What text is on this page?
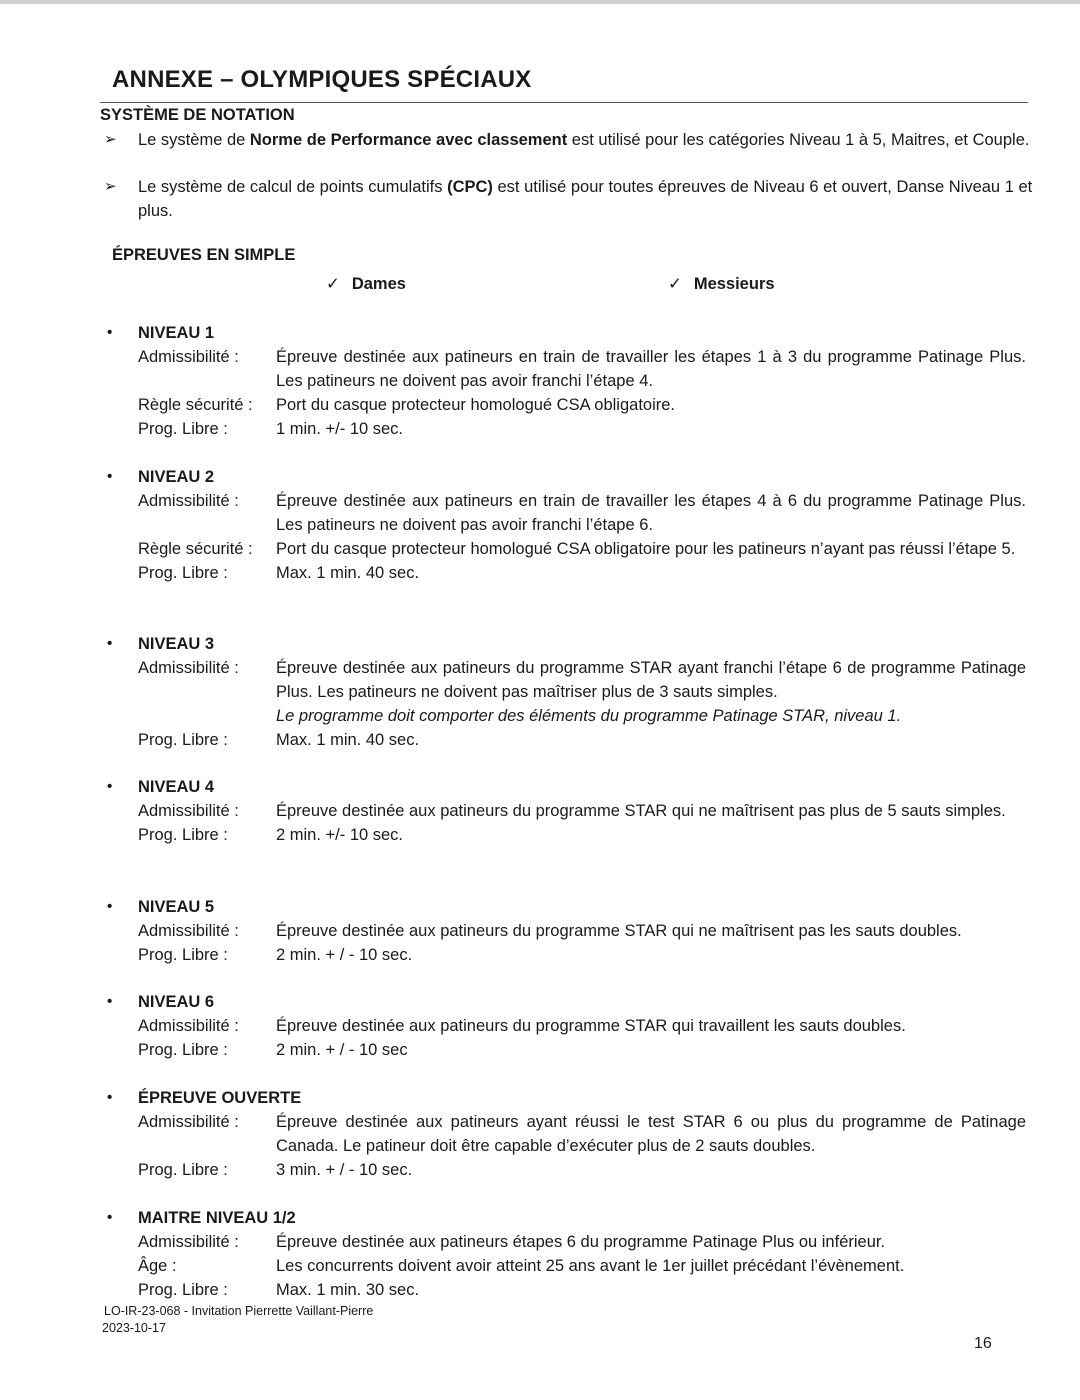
ANNEXE – OLYMPIQUES SPÉCIAUX
SYSTÈME DE NOTATION
➢ Le système de Norme de Performance avec classement est utilisé pour les catégories Niveau 1 à 5, Maitres, et Couple.
➢ Le système de calcul de points cumulatifs (CPC) est utilisé pour toutes épreuves de Niveau 6 et ouvert, Danse Niveau 1 et plus.
ÉPREUVES EN SIMPLE
✓ Dames	✓ Messieurs
• NIVEAU 1
Admissibilité :	Épreuve destinée aux patineurs en train de travailler les étapes 1 à 3 du programme Patinage Plus. Les patineurs ne doivent pas avoir franchi l’étape 4.
Règle sécurité :	Port du casque protecteur homologué CSA obligatoire.
Prog. Libre :	1 min. +/- 10 sec.
• NIVEAU 2
Admissibilité :	Épreuve destinée aux patineurs en train de travailler les étapes 4 à 6 du programme Patinage Plus. Les patineurs ne doivent pas avoir franchi l’étape 6.
Règle sécurité :	Port du casque protecteur homologué CSA obligatoire pour les patineurs n’ayant pas réussi l’étape 5.
Prog. Libre :	Max. 1 min. 40 sec.
• NIVEAU 3
Admissibilité :	Épreuve destinée aux patineurs du programme STAR ayant franchi l’étape 6 de programme Patinage Plus. Les patineurs ne doivent pas maîtriser plus de 3 sauts simples.
Le programme doit comporter des éléments du programme Patinage STAR, niveau 1.
Prog. Libre :	Max. 1 min. 40 sec.
• NIVEAU 4
Admissibilité :	Épreuve destinée aux patineurs du programme STAR qui ne maîtrisent pas plus de 5 sauts simples.
Prog. Libre :	2 min. +/- 10 sec.
• NIVEAU 5
Admissibilité :	Épreuve destinée aux patineurs du programme STAR qui ne maîtrisent pas les sauts doubles.
Prog. Libre :	2 min. + / - 10 sec.
• NIVEAU 6
Admissibilité :	Épreuve destinée aux patineurs du programme STAR qui travaillent les sauts doubles.
Prog. Libre :	2 min. + / - 10 sec
• ÉPREUVE OUVERTE
Admissibilité :	Épreuve destinée aux patineurs ayant réussi le test STAR 6 ou plus du programme de Patinage Canada. Le patineur doit être capable d’exécuter plus de 2 sauts doubles.
Prog. Libre :	3 min. + / - 10 sec.
• MAITRE NIVEAU 1/2
Admissibilité :	Épreuve destinée aux patineurs étapes 6 du programme Patinage Plus ou inférieur.
Âge :	Les concurrents doivent avoir atteint 25 ans avant le 1er juillet précédant l’évènement.
Prog. Libre :	Max. 1 min. 30 sec.
LO-IR-23-068 - Invitation Pierrette Vaillant-Pierre
2023-10-17
16
